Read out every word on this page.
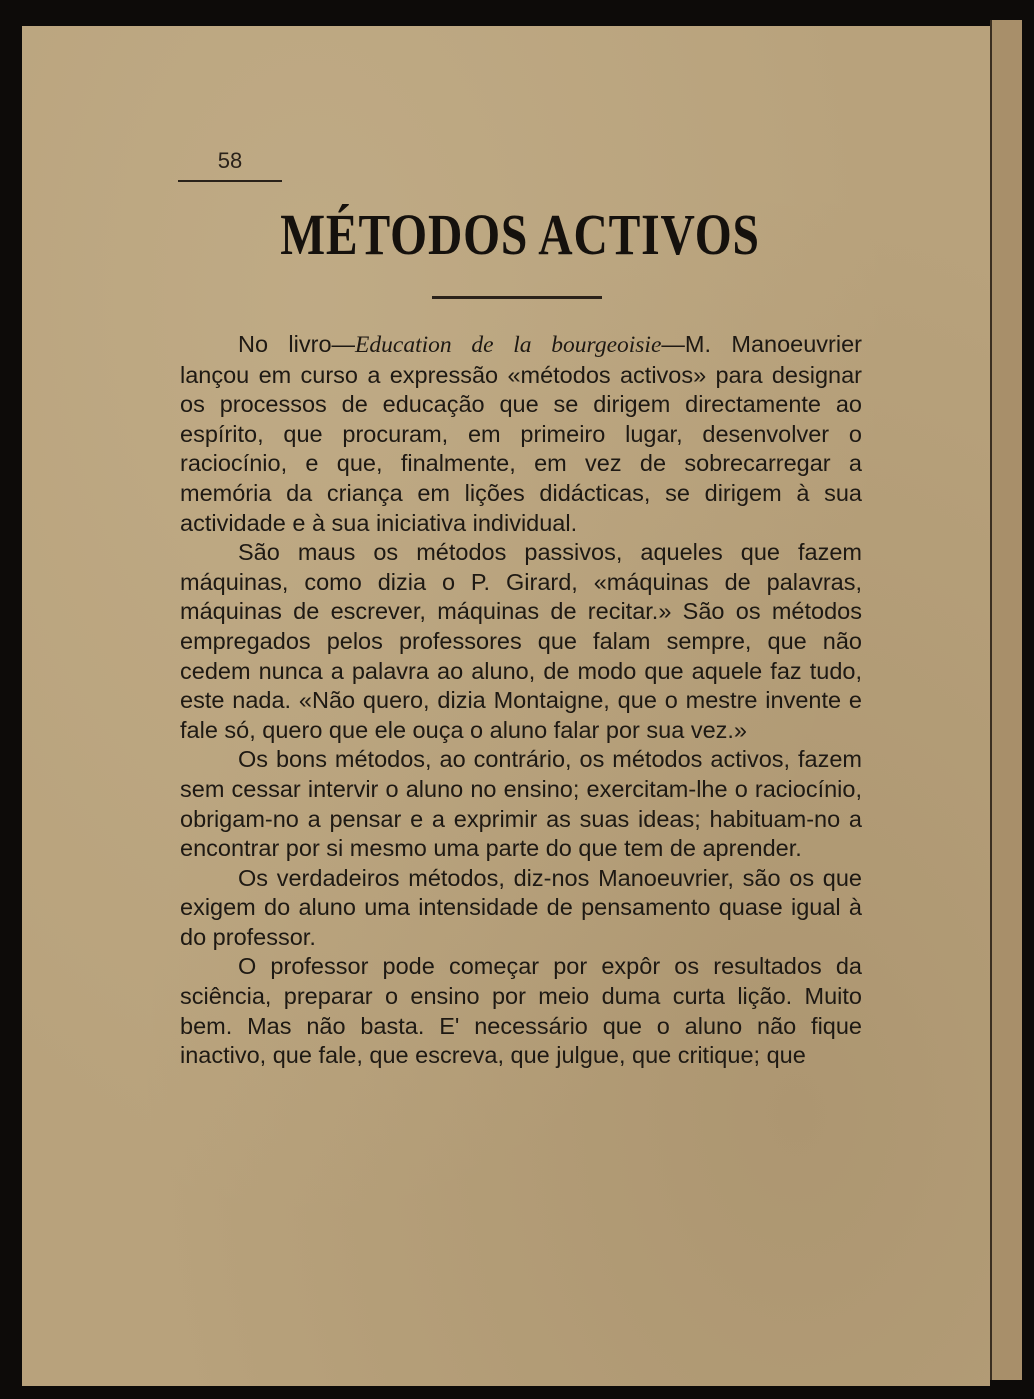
58
MÉTODOS ACTIVOS

No livro—Education de la bourgeoisie—M. Manoeuvrier lançou em curso a expressão «métodos activos» para designar os processos de educação que se dirigem directamente ao espírito, que procuram, em primeiro lugar, desenvolver o raciocínio, e que, finalmente, em vez de sobrecarregar a memória da criança em lições didácticas, se dirigem à sua actividade e à sua iniciativa individual.

São maus os métodos passivos, aqueles que fazem máquinas, como dizia o P. Girard, «máquinas de palavras, máquinas de escrever, máquinas de recitar.» São os métodos empregados pelos professores que falam sempre, que não cedem nunca a palavra ao aluno, de modo que aquele faz tudo, este nada. «Não quero, dizia Montaigne, que o mestre invente e fale só, quero que ele ouça o aluno falar por sua vez.»

Os bons métodos, ao contrário, os métodos activos, fazem sem cessar intervir o aluno no ensino; exercitam-lhe o raciocínio, obrigam-no a pensar e a exprimir as suas ideas; habituam-no a encontrar por si mesmo uma parte do que tem de aprender.

Os verdadeiros métodos, diz-nos Manoeuvrier, são os que exigem do aluno uma intensidade de pensamento quase igual à do professor.

O professor pode começar por expôr os resultados da sciência, preparar o ensino por meio duma curta lição. Muito bem. Mas não basta. E' necessário que o aluno não fique inactivo, que fale, que escreva, que julgue, que critique; que
